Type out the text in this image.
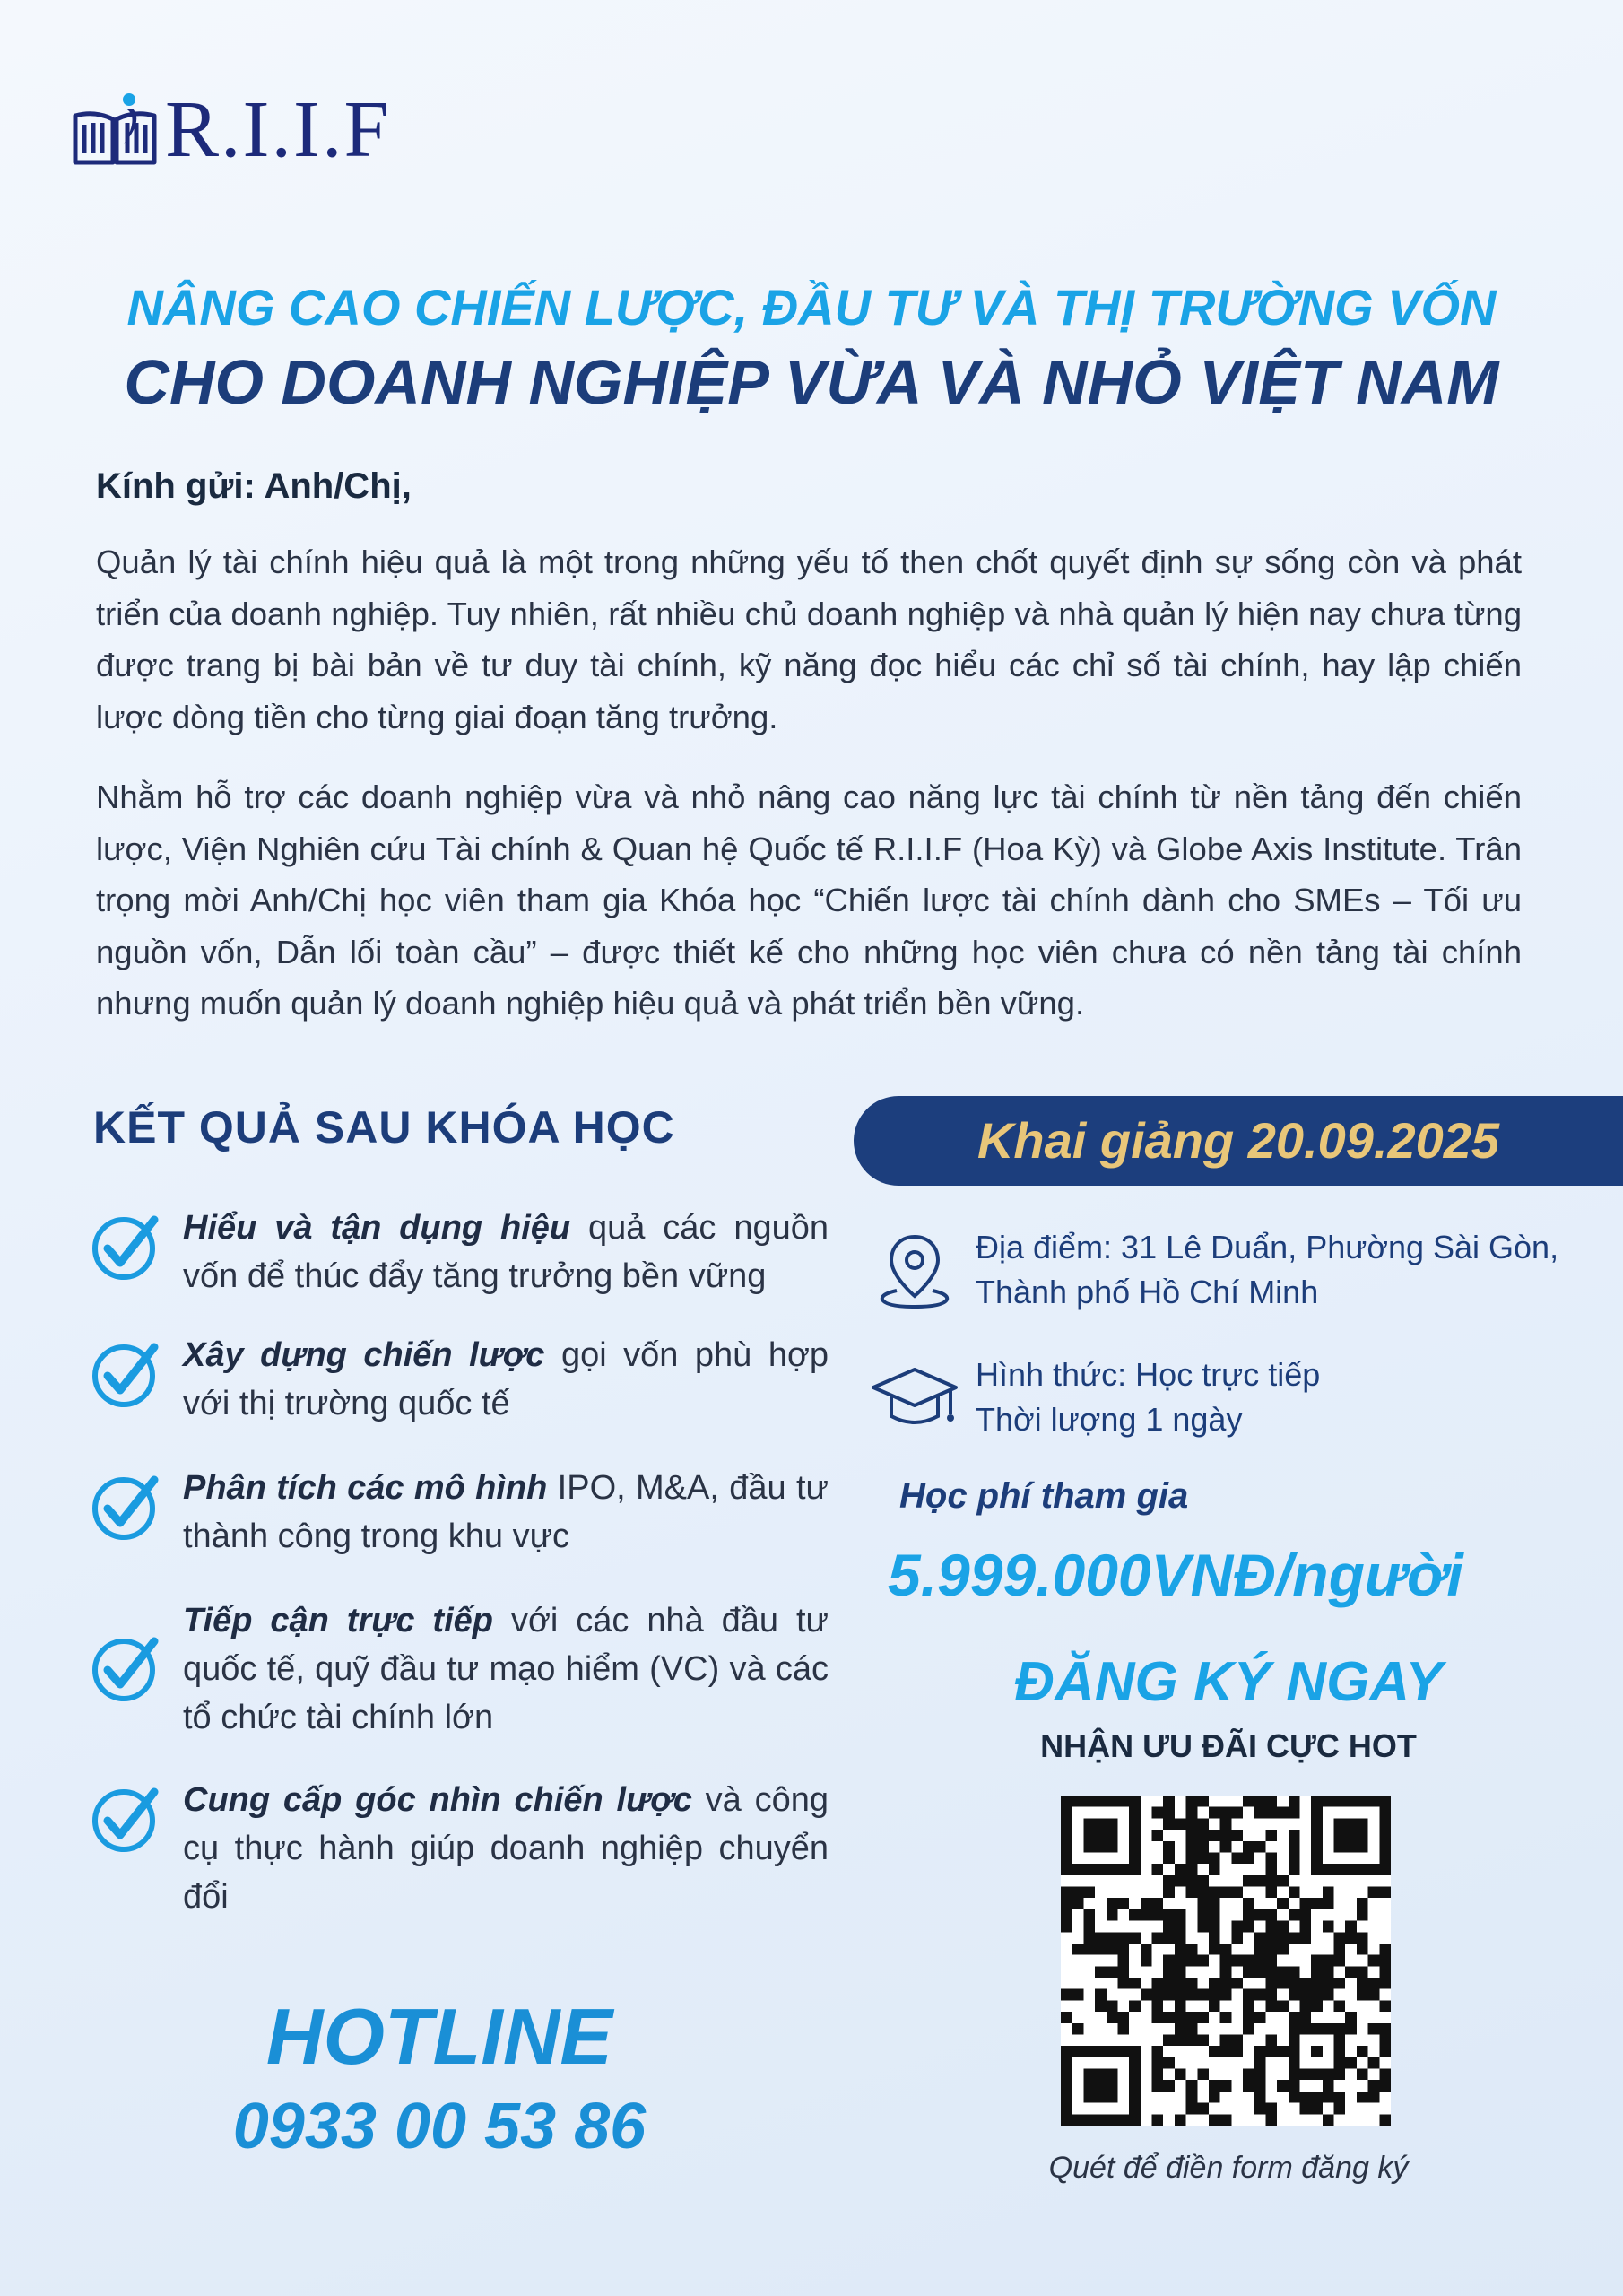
R.I.I.F
NÂNG CAO CHIẾN LƯỢC, ĐẦU TƯ VÀ THỊ TRƯỜNG VỐN
CHO DOANH NGHIỆP VỪA VÀ NHỎ VIỆT NAM
Kính gửi: Anh/Chị,
Quản lý tài chính hiệu quả là một trong những yếu tố then chốt quyết định sự sống còn và phát triển của doanh nghiệp. Tuy nhiên, rất nhiều chủ doanh nghiệp và nhà quản lý hiện nay chưa từng được trang bị bài bản về tư duy tài chính, kỹ năng đọc hiểu các chỉ số tài chính, hay lập chiến lược dòng tiền cho từng giai đoạn tăng trưởng.
Nhằm hỗ trợ các doanh nghiệp vừa và nhỏ nâng cao năng lực tài chính từ nền tảng đến chiến lược, Viện Nghiên cứu Tài chính & Quan hệ Quốc tế R.I.I.F (Hoa Kỳ) và Globe Axis Institute. Trân trọng mời Anh/Chị học viên tham gia Khóa học “Chiến lược tài chính dành cho SMEs – Tối ưu nguồn vốn, Dẫn lối toàn cầu” – được thiết kế cho những học viên chưa có nền tảng tài chính nhưng muốn quản lý doanh nghiệp hiệu quả và phát triển bền vững.
KẾT QUẢ SAU KHÓA HỌC
Hiểu và tận dụng hiệu quả các nguồn vốn để thúc đẩy tăng trưởng bền vững
Xây dựng chiến lược gọi vốn phù hợp với thị trường quốc tế
Phân tích các mô hình IPO, M&A, đầu tư thành công trong khu vực
Tiếp cận trực tiếp với các nhà đầu tư quốc tế, quỹ đầu tư mạo hiểm (VC) và các tổ chức tài chính lớn
Cung cấp góc nhìn chiến lược và công cụ thực hành giúp doanh nghiệp chuyển đổi
Khai giảng 20.09.2025
Địa điểm: 31 Lê Duẩn, Phường Sài Gòn,
Thành phố Hồ Chí Minh
Hình thức: Học trực tiếp
Thời lượng 1 ngày
Học phí tham gia
5.999.000VNĐ/người
ĐĂNG KÝ NGAY
NHẬN ƯU ĐÃI CỰC HOT
Quét để điền form đăng ký
HOTLINE
0933 00 53 86
